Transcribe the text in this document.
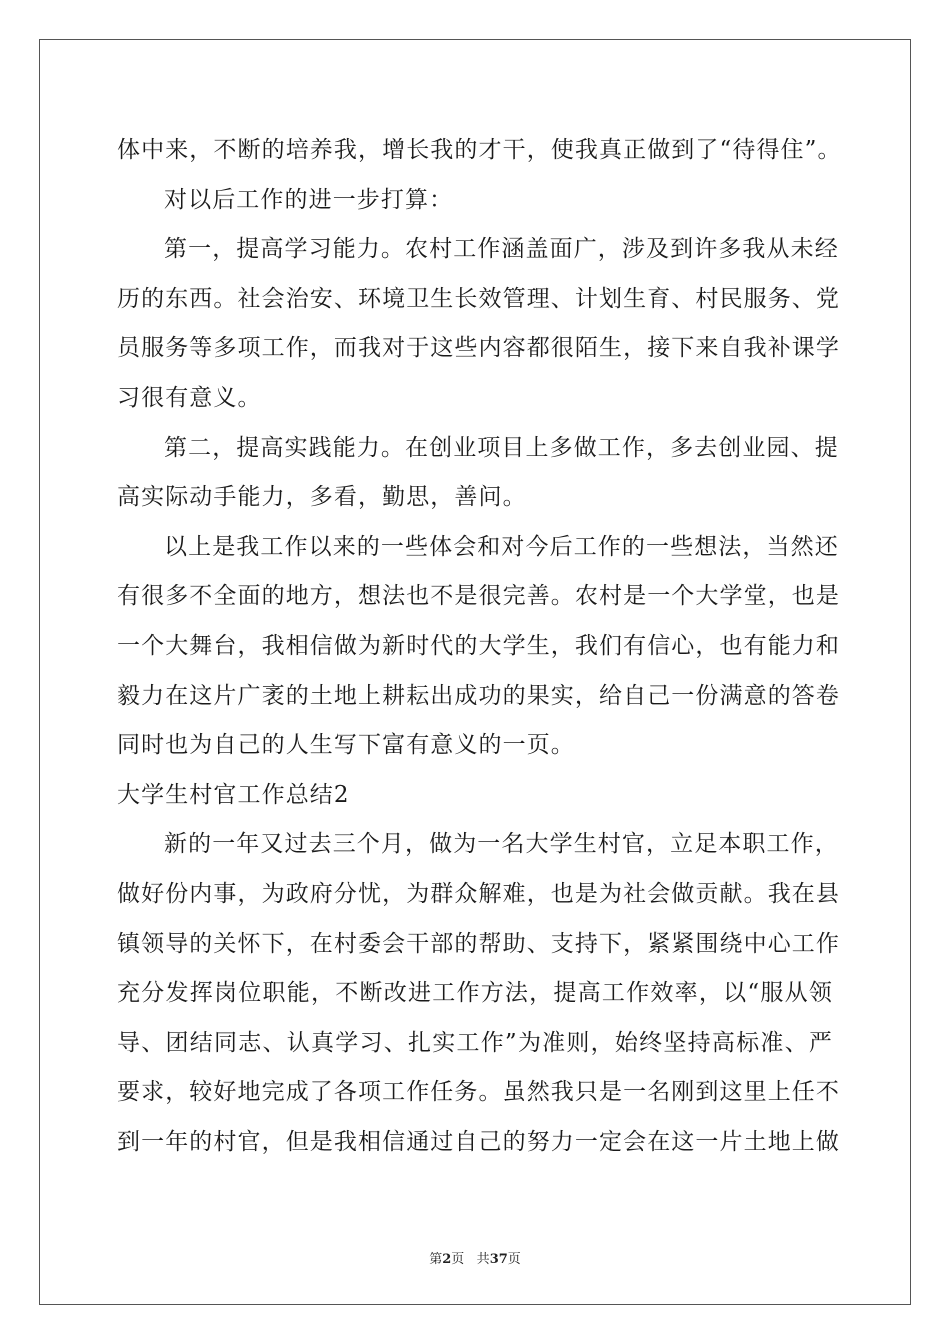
体中来，不断的培养我，增长我的才干，使我真正做到了“待得住”。
对以后工作的进一步打算：
第一，提高学习能力。农村工作涵盖面广，涉及到许多我从未经
历的东西。社会治安、环境卫生长效管理、计划生育、村民服务、党
员服务等多项工作，而我对于这些内容都很陌生，接下来自我补课学
习很有意义。
第二，提高实践能力。在创业项目上多做工作，多去创业园、提
高实际动手能力，多看，勤思，善问。
以上是我工作以来的一些体会和对今后工作的一些想法，当然还
有很多不全面的地方，想法也不是很完善。农村是一个大学堂，也是
一个大舞台，我相信做为新时代的大学生，我们有信心，也有能力和
毅力在这片广袤的土地上耕耘出成功的果实，给自己一份满意的答卷
同时也为自己的人生写下富有意义的一页。
大学生村官工作总结2
新的一年又过去三个月，做为一名大学生村官，立足本职工作，
做好份内事，为政府分忧，为群众解难，也是为社会做贡献。我在县
镇领导的关怀下，在村委会干部的帮助、支持下，紧紧围绕中心工作
充分发挥岗位职能，不断改进工作方法，提高工作效率，以“服从领
导、团结同志、认真学习、扎实工作”为准则，始终坚持高标准、严
要求，较好地完成了各项工作任务。虽然我只是一名刚到这里上任不
到一年的村官，但是我相信通过自己的努力一定会在这一片土地上做
第2页 共37页
